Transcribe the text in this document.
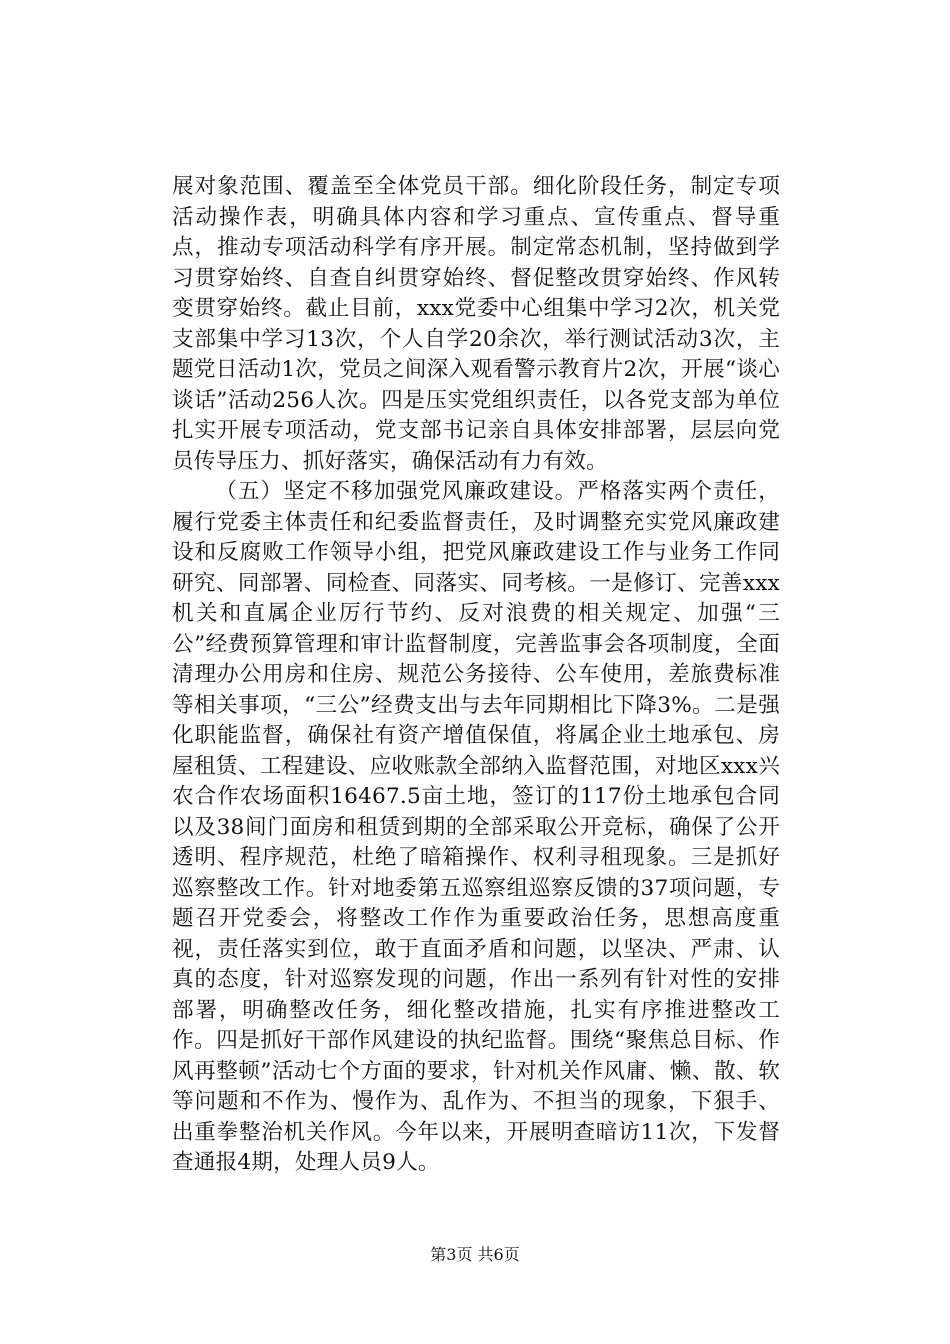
展对象范围、覆盖至全体党员干部。细化阶段任务，制定专项活动操作表，明确具体内容和学习重点、宣传重点、督导重点，推动专项活动科学有序开展。制定常态机制，坚持做到学习贯穿始终、自查自纠贯穿始终、督促整改贯穿始终、作风转变贯穿始终。截止目前，xxx党委中心组集中学习2次，机关党支部集中学习13次，个人自学20余次，举行测试活动3次，主题党日活动1次，党员之间深入观看警示教育片2次，开展“谈心谈话”活动256人次。四是压实党组织责任，以各党支部为单位扎实开展专项活动，党支部书记亲自具体安排部署，层层向党员传导压力、抓好落实，确保活动有力有效。

（五）坚定不移加强党风廉政建设。严格落实两个责任，履行党委主体责任和纪委监督责任，及时调整充实党风廉政建设和反腐败工作领导小组，把党风廉政建设工作与业务工作同研究、同部署、同检查、同落实、同考核。一是修订、完善xxx机关和直属企业厉行节约、反对浪费的相关规定、加强“三公”经费预算管理和审计监督制度，完善监事会各项制度，全面清理办公用房和住房、规范公务接待、公车使用，差旅费标准等相关事项，“三公”经费支出与去年同期相比下降3%。二是强化职能监督，确保社有资产增值保值，将属企业土地承包、房屋租赁、工程建设、应收账款全部纳入监督范围，对地区xxx兴农合作农场面积16467.5亩土地，签订的117份土地承包合同以及38间门面房和租赁到期的全部采取公开竞标，确保了公开透明、程序规范，杜绝了暗箱操作、权利寻租现象。三是抓好巡察整改工作。针对地委第五巡察组巡察反馈的37项问题，专题召开党委会，将整改工作作为重要政治任务，思想高度重视，责任落实到位，敢于直面矛盾和问题，以坚决、严肃、认真的态度，针对巡察发现的问题，作出一系列有针对性的安排部署，明确整改任务，细化整改措施，扎实有序推进整改工作。四是抓好干部作风建设的执纪监督。围绕“聚焦总目标、作风再整顿”活动七个方面的要求，针对机关作风庸、懒、散、软等问题和不作为、慢作为、乱作为、不担当的现象，下狠手、出重拳整治机关作风。今年以来，开展明查暗访11次，下发督查通报4期，处理人员9人。

第3页 共6页
